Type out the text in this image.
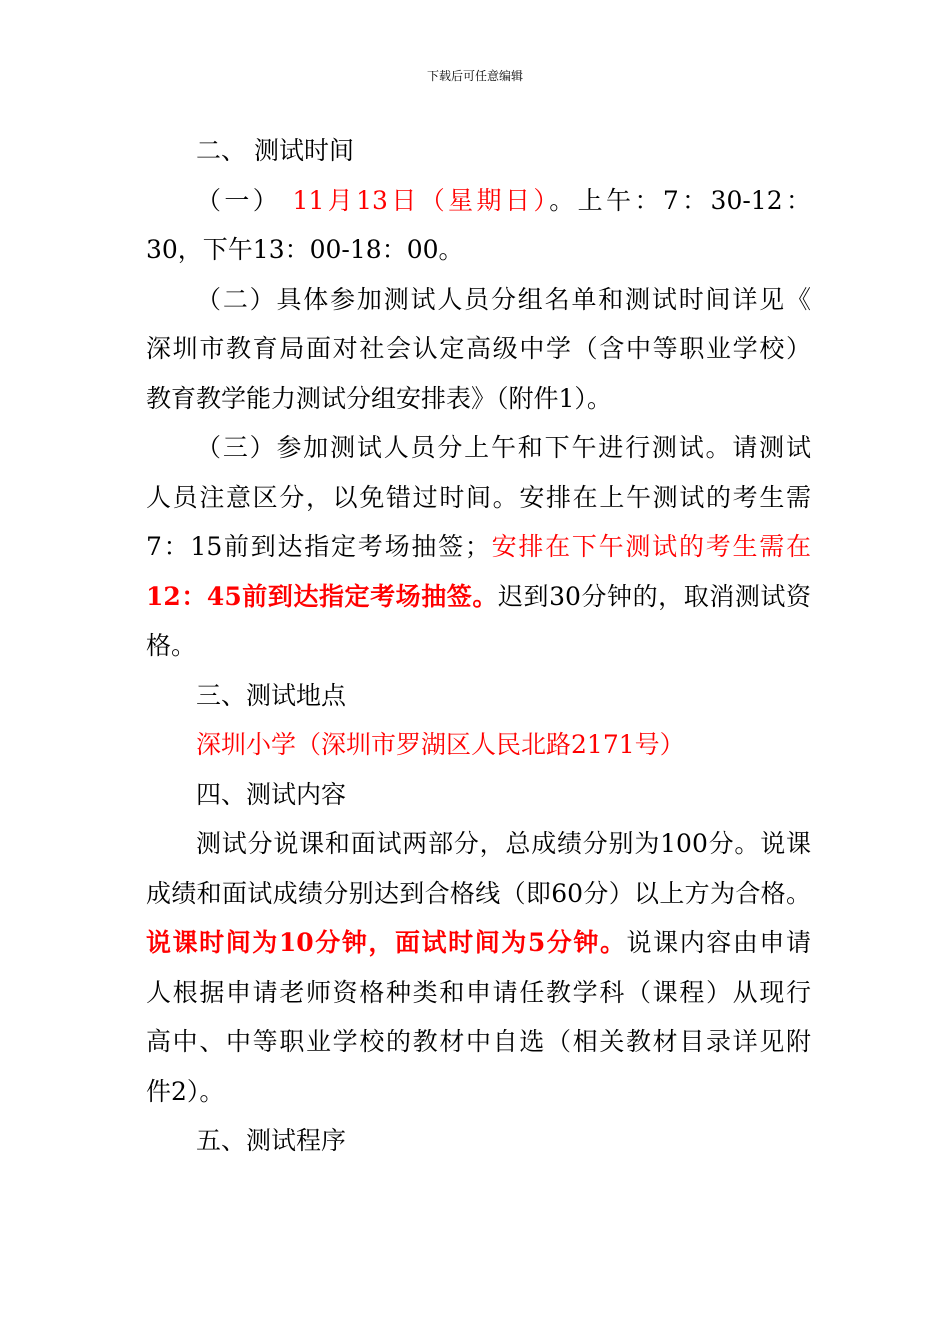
下载后可任意编辑
二、 测试时间
（一） 11月13日（星期日）。上午：7：30-12：
30，下午13：00-18：00。
（二）具体参加测试人员分组名单和测试时间详见《
深圳市教育局面对社会认定高级中学（含中等职业学校）
教育教学能力测试分组安排表》（附件1）。
（三）参加测试人员分上午和下午进行测试。请测试
人员注意区分，以免错过时间。安排在上午测试的考生需
7：15前到达指定考场抽签；安排在下午测试的考生需在
12：45前到达指定考场抽签。迟到30分钟的，取消测试资
格。
三、测试地点
深圳小学（深圳市罗湖区人民北路2171号）
四、测试内容
测试分说课和面试两部分，总成绩分别为100分。说课
成绩和面试成绩分别达到合格线（即60分）以上方为合格。
说课时间为10分钟，面试时间为5分钟。说课内容由申请
人根据申请老师资格种类和申请任教学科（课程）从现行
高中、中等职业学校的教材中自选（相关教材目录详见附
件2）。
五、测试程序
